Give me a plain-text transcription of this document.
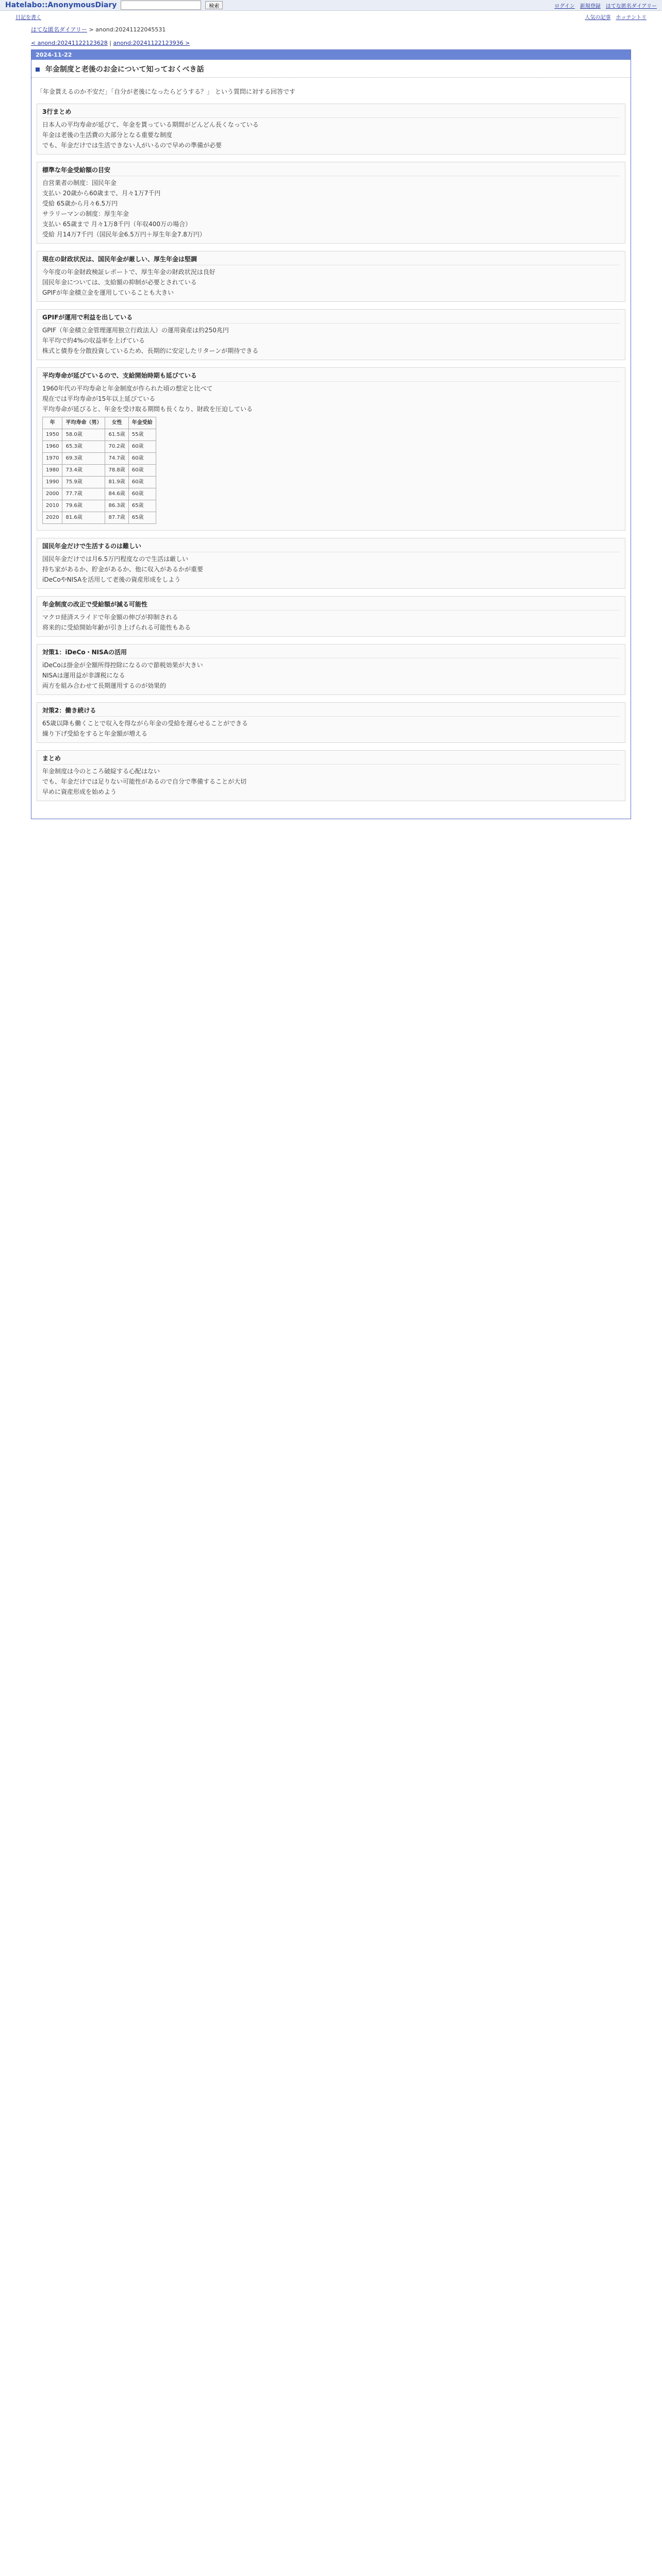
Hatelabo::AnonymousDiary	検索	ログイン 新規登録 はてな匿名ダイアリー
日記を書く	人気の記事 ホッテントリ
はてな匿名ダイアリー > anond:20241122045531
< anond:20241122123628 | anond:20241122123936 >
2024-11-22
年金制度と老後のお金について知っておくべき話

「年金貰えるのか不安だ」「自分が老後になったらどうする？」 という質問に対する回答です

3行まとめ

日本人の平均寿命が延びて、年金を貰っている期間がどんどん長くなっている

年金は老後の生活費の大部分となる重要な制度

でも、年金だけでは生活できない人がいるので早めの準備が必要

標準な年金受給額の目安

自営業者の制度：国民年金

支払い 20歳から60歳まで、月々1万7千円

受給 65歳から月々6.5万円

サラリーマンの制度：厚生年金

支払い 65歳まで 月々1万8千円（年収400万の場合）

受給 月14万7千円（国民年金6.5万円＋厚生年金7.8万円）

現在の財政状況は、国民年金が厳しい、厚生年金は堅調

今年度の年金財政検証レポートで、厚生年金の財政状況は良好

国民年金については、支給額の抑制が必要とされている

GPIFが年金積立金を運用していることも大きい

GPIFが運用で利益を出している

GPIF（年金積立金管理運用独立行政法人）の運用資産は約250兆円

年平均で約4%の収益率を上げている

株式と債券を分散投資しているため、長期的に安定したリターンが期待できる

平均寿命が延びているので、支給開始時期も延びている

1960年代の平均寿命と年金制度が作られた頃の想定と比べて

現在では平均寿命が15年以上延びている

平均寿命が延びると、年金を受け取る期間も長くなり、財政を圧迫している

年	平均寿命（男）	女性	年金受給
1950	58.0歳	61.5歳	55歳
1960	65.3歳	70.2歳	60歳
1970	69.3歳	74.7歳	60歳
1980	73.4歳	78.8歳	60歳
1990	75.9歳	81.9歳	60歳
2000	77.7歳	84.6歳	60歳
2010	79.6歳	86.3歳	65歳
2020	81.6歳	87.7歳	65歳
国民年金だけで生活するのは難しい

国民年金だけでは月6.5万円程度なので生活は厳しい

持ち家があるか、貯金があるか、他に収入があるかが重要

iDeCoやNISAを活用して老後の資産形成をしよう

年金制度の改正で受給額が減る可能性

マクロ経済スライドで年金額の伸びが抑制される

将来的に受給開始年齢が引き上げられる可能性もある

対策1：iDeCo・NISAの活用

iDeCoは掛金が全額所得控除になるので節税効果が大きい

NISAは運用益が非課税になる

両方を組み合わせて長期運用するのが効果的

対策2：働き続ける

65歳以降も働くことで収入を得ながら年金の受給を遅らせることができる

繰り下げ受給をすると年金額が増える

まとめ

年金制度は今のところ破綻する心配はない

でも、年金だけでは足りない可能性があるので自分で準備することが大切

早めに資産形成を始めよう
